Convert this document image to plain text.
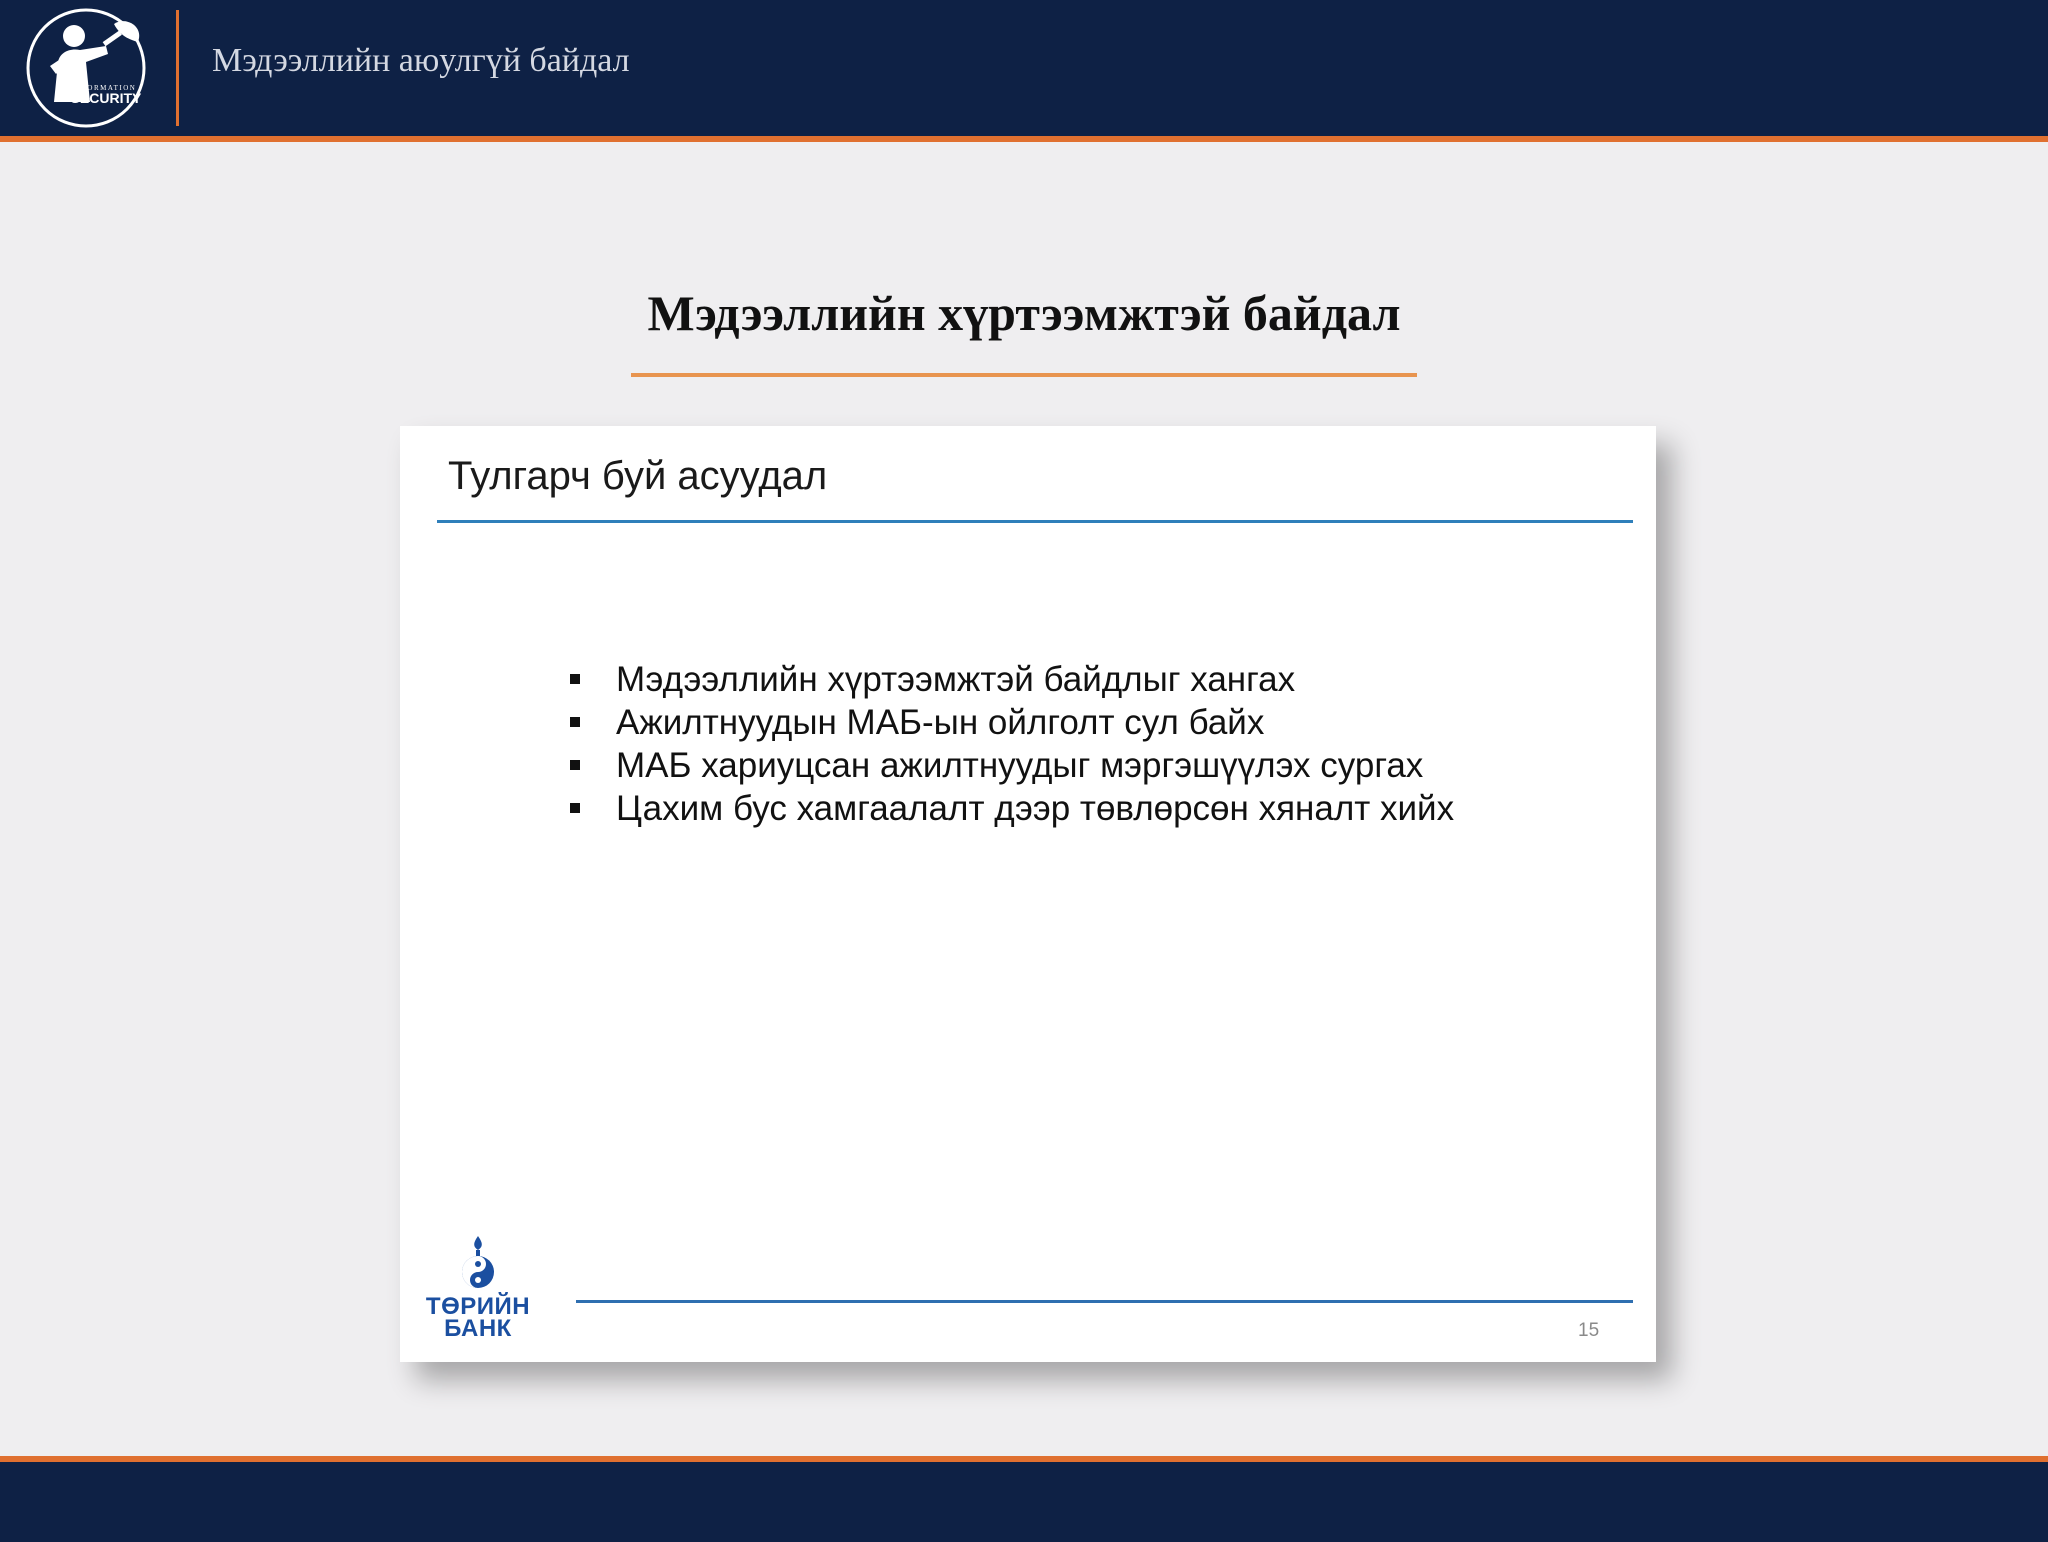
INFORMATION
SECURITY
Мэдээллийн аюулгүй байдал
Мэдээллийн хүртээмжтэй байдал
Тулгарч буй асуудал
Мэдээллийн хүртээмжтэй байдлыг хангах
Ажилтнуудын МАБ-ын ойлголт сул байх
МАБ хариуцсан ажилтнуудыг мэргэшүүлэх сургах
Цахим бус хамгаалалт дээр төвлөрсөн хяналт хийх
ТӨРИЙН
БАНК	15
